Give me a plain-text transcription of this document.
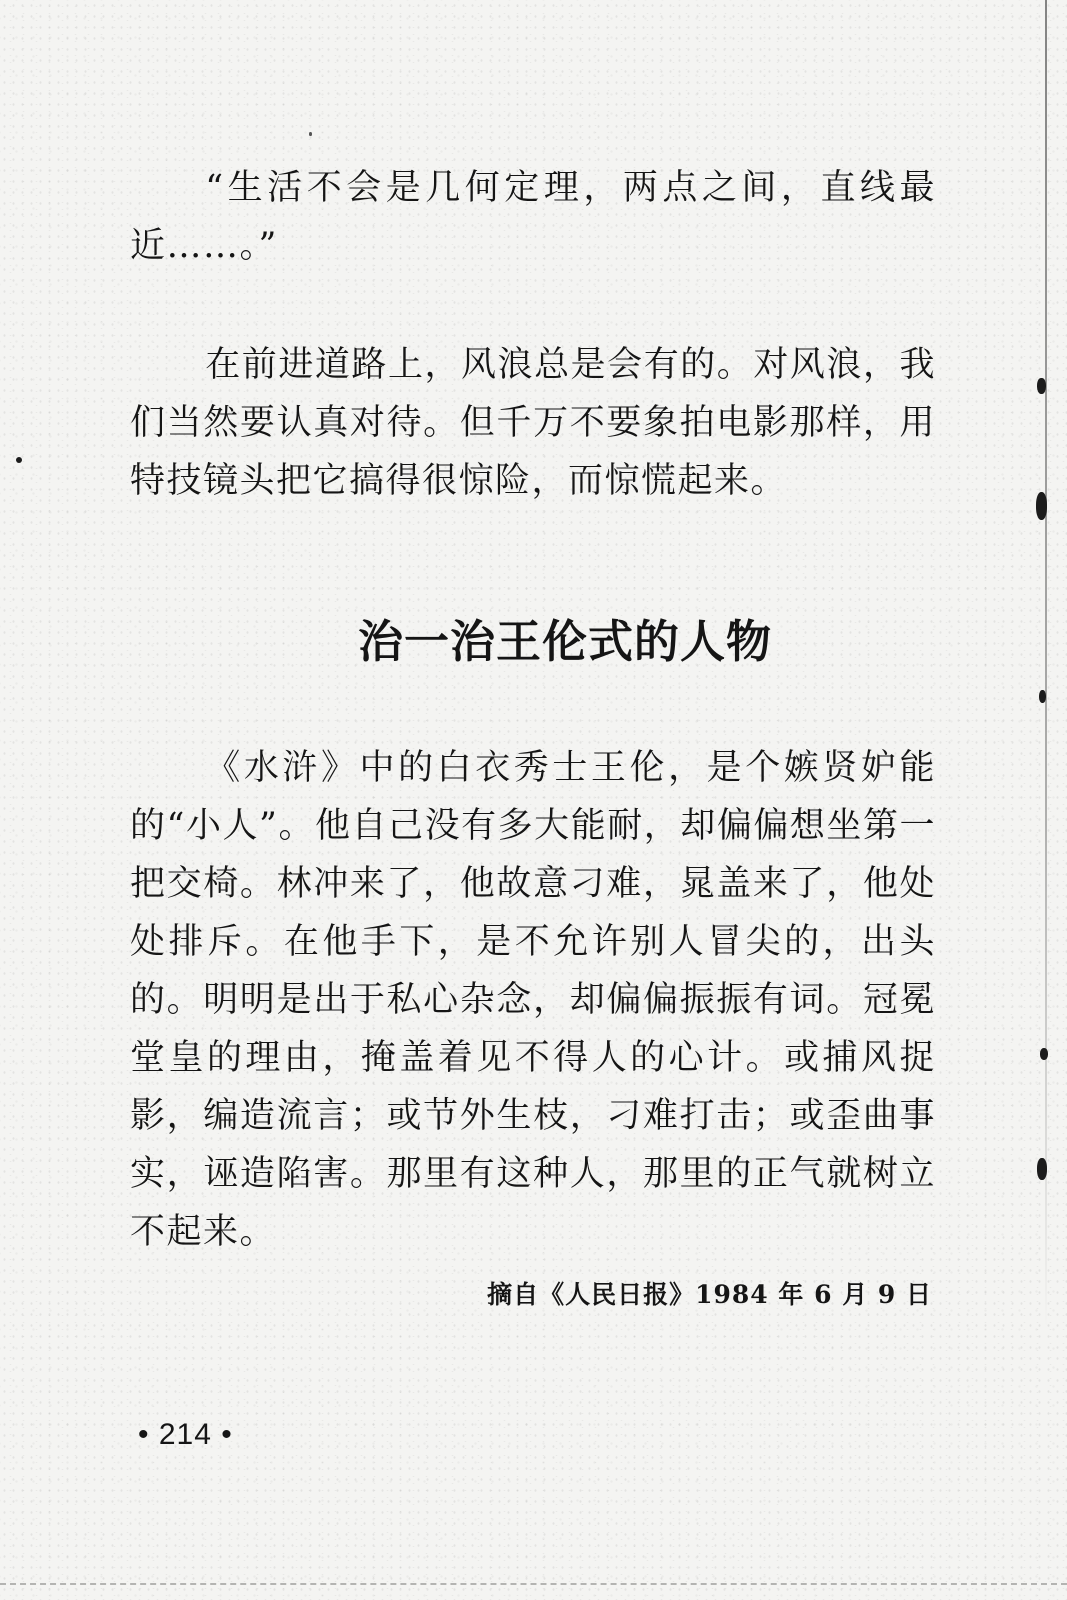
“生活不会是几何定理，两点之间，直线最近……。”

在前进道路上，风浪总是会有的。对风浪，我们当然要认真对待。但千万不要象拍电影那样，用特技镜头把它搞得很惊险，而惊慌起来。

治一治王伦式的人物

《水浒》中的白衣秀士王伦，是个嫉贤妒能的“小人”。他自己没有多大能耐，却偏偏想坐第一把交椅。林冲来了，他故意刁难，晁盖来了，他处处排斥。在他手下，是不允许别人冒尖的，出头的。明明是出于私心杂念，却偏偏振振有词。冠冕堂皇的理由，掩盖着见不得人的心计。或捕风捉影，编造流言；或节外生枝，刁难打击；或歪曲事实，诬造陷害。那里有这种人，那里的正气就树立不起来。

摘自《人民日报》1984 年 6 月 9 日

• 214 •
